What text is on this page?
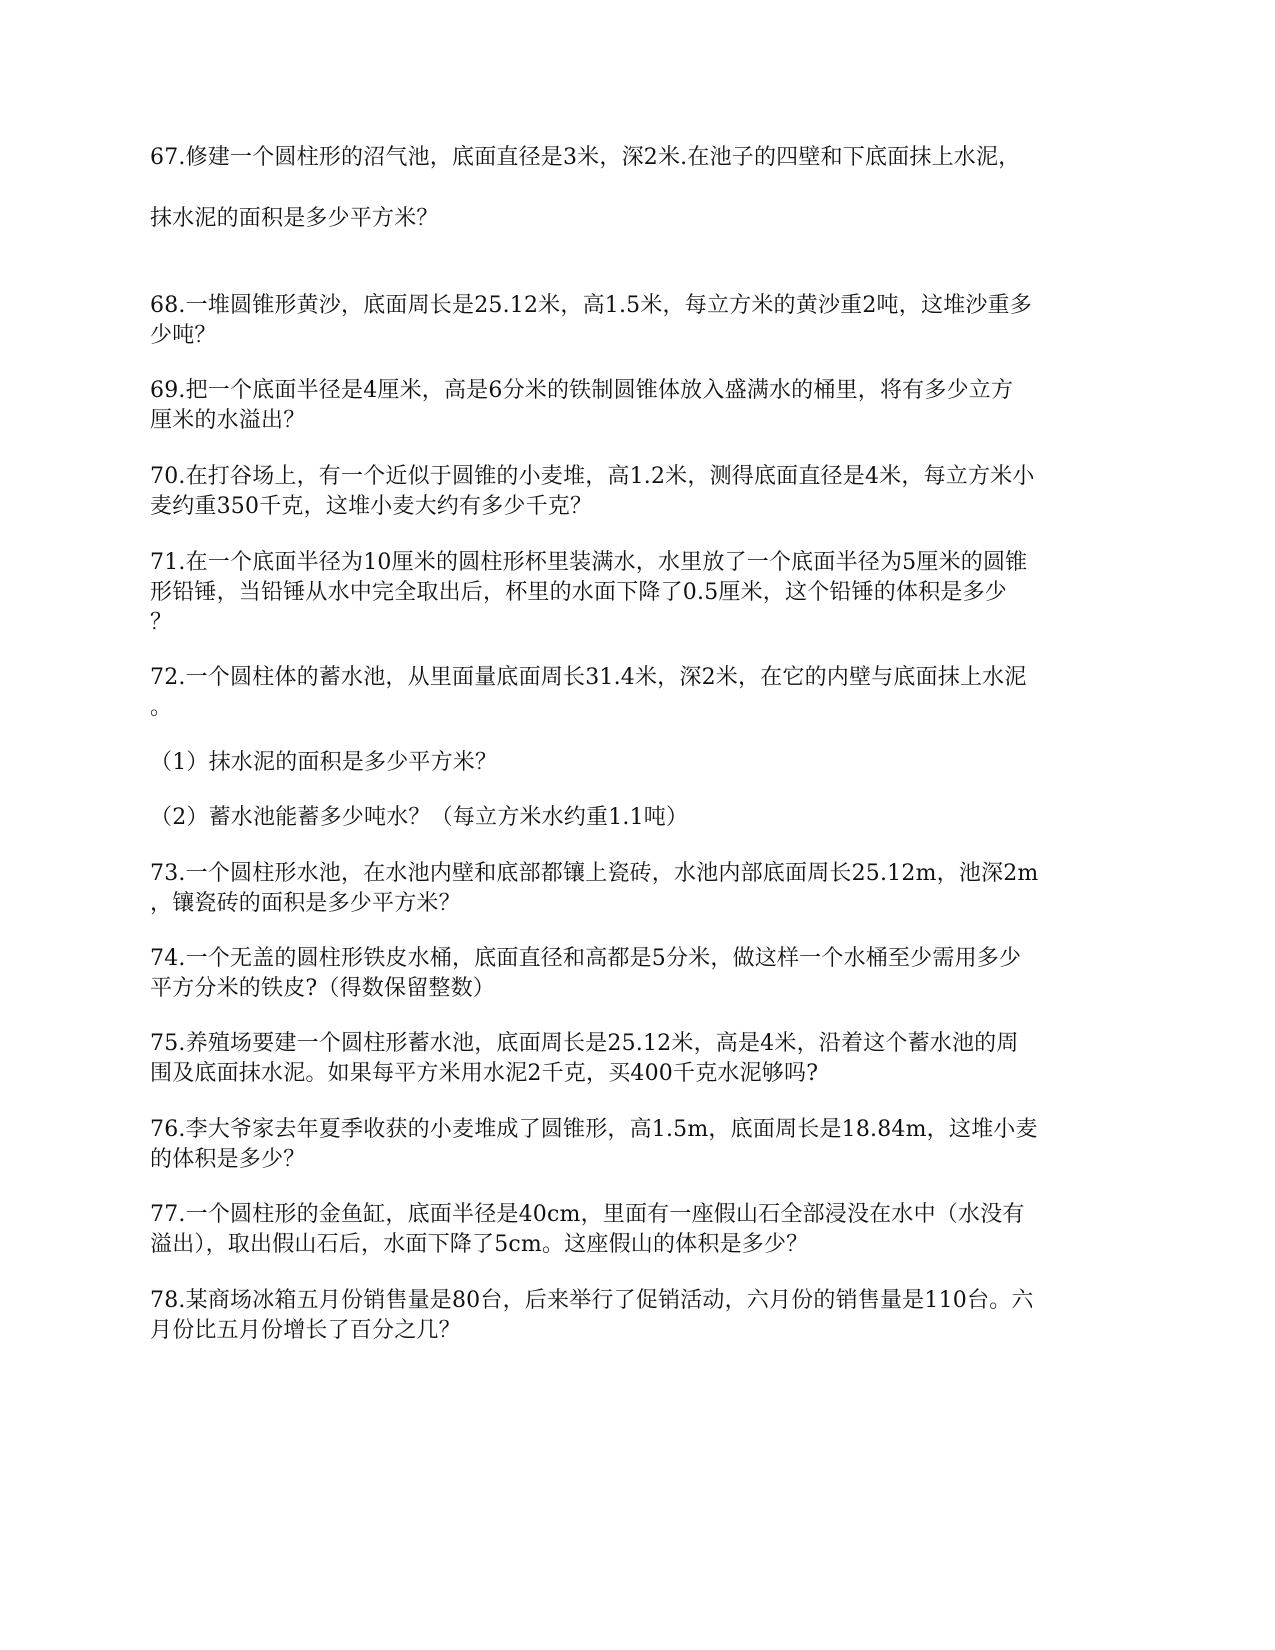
67.修建一个圆柱形的沼气池，底面直径是3米，深2米.在池子的四壁和下底面抹上水泥，
抹水泥的面积是多少平方米？
68.一堆圆锥形黄沙，底面周长是25.12米，高1.5米，每立方米的黄沙重2吨，这堆沙重多
少吨？
69.把一个底面半径是4厘米，高是6分米的铁制圆锥体放入盛满水的桶里，将有多少立方
厘米的水溢出？
70.在打谷场上，有一个近似于圆锥的小麦堆，高1.2米，测得底面直径是4米，每立方米小
麦约重350千克，这堆小麦大约有多少千克？
71.在一个底面半径为10厘米的圆柱形杯里装满水，水里放了一个底面半径为5厘米的圆锥
形铅锤，当铅锤从水中完全取出后，杯里的水面下降了0.5厘米，这个铅锤的体积是多少
？
72.一个圆柱体的蓄水池，从里面量底面周长31.4米，深2米，在它的内壁与底面抹上水泥
。
（1）抹水泥的面积是多少平方米？
（2）蓄水池能蓄多少吨水？（每立方米水约重1.1吨）
73.一个圆柱形水池，在水池内壁和底部都镶上瓷砖，水池内部底面周长25.12m，池深2m
，镶瓷砖的面积是多少平方米？
74.一个无盖的圆柱形铁皮水桶，底面直径和高都是5分米，做这样一个水桶至少需用多少
平方分米的铁皮?（得数保留整数）
75.养殖场要建一个圆柱形蓄水池，底面周长是25.12米，高是4米，沿着这个蓄水池的周
围及底面抹水泥。如果每平方米用水泥2千克，买400千克水泥够吗?
76.李大爷家去年夏季收获的小麦堆成了圆锥形，高1.5m，底面周长是18.84m，这堆小麦
的体积是多少？
77.一个圆柱形的金鱼缸，底面半径是40cm，里面有一座假山石全部浸没在水中（水没有
溢出），取出假山石后，水面下降了5cm。这座假山的体积是多少？
78.某商场冰箱五月份销售量是80台，后来举行了促销活动，六月份的销售量是110台。六
月份比五月份增长了百分之几？
